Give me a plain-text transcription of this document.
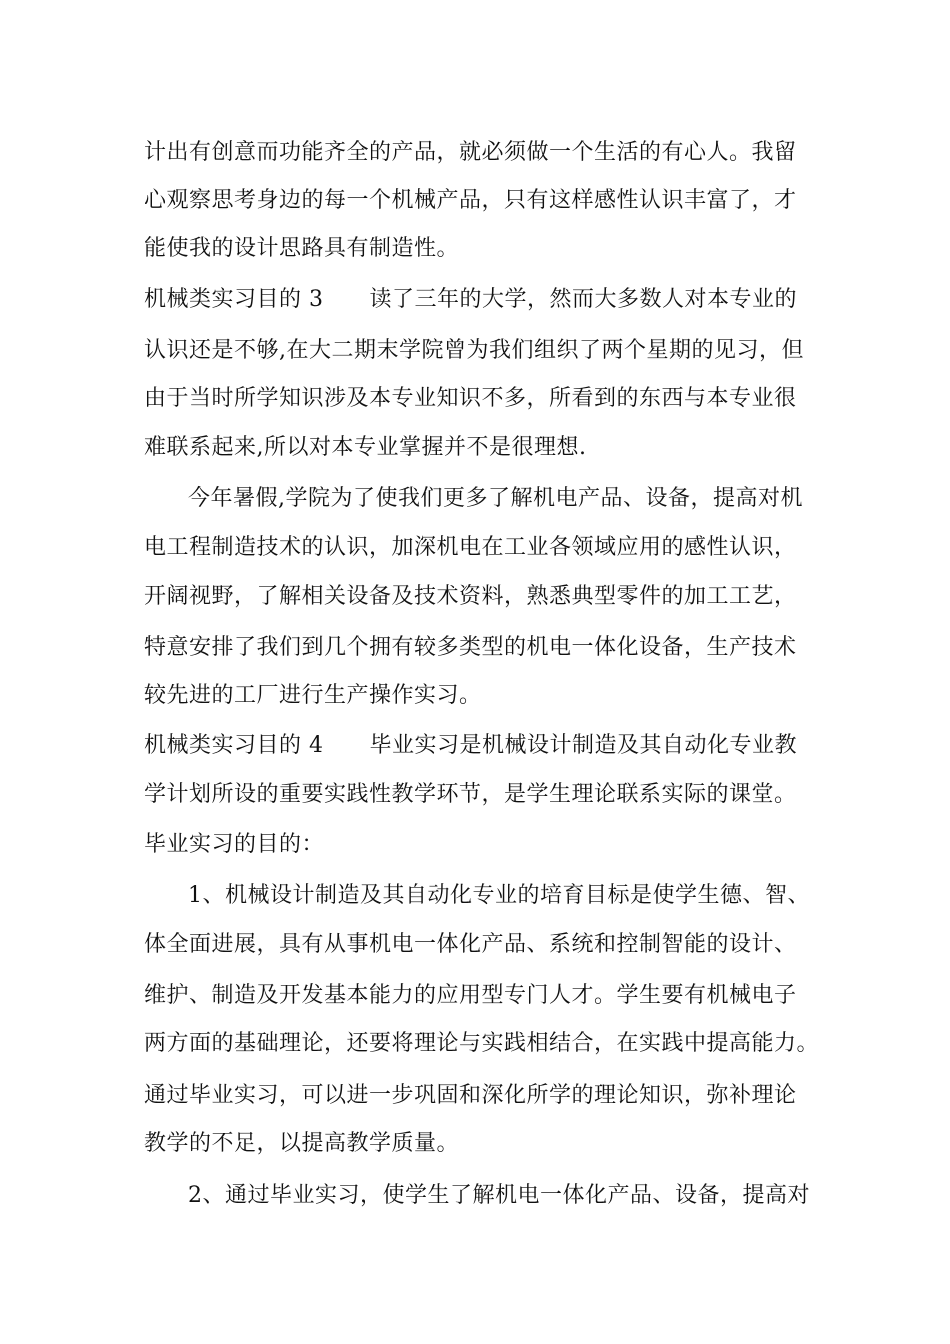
计出有创意而功能齐全的产品，就必须做一个生活的有心人。我留
心观察思考身边的每一个机械产品，只有这样感性认识丰富了，才
能使我的设计思路具有制造性。
机械类实习目的 3 读了三年的大学，然而大多数人对本专业的
认识还是不够,在大二期末学院曾为我们组织了两个星期的见习，但
由于当时所学知识涉及本专业知识不多，所看到的东西与本专业很
难联系起来,所以对本专业掌握并不是很理想.
今年暑假,学院为了使我们更多了解机电产品、设备，提高对机
电工程制造技术的认识，加深机电在工业各领域应用的感性认识，
开阔视野，了解相关设备及技术资料，熟悉典型零件的加工工艺，
特意安排了我们到几个拥有较多类型的机电一体化设备，生产技术
较先进的工厂进行生产操作实习。
机械类实习目的 4 毕业实习是机械设计制造及其自动化专业教
学计划所设的重要实践性教学环节，是学生理论联系实际的课堂。
毕业实习的目的：
1、机械设计制造及其自动化专业的培育目标是使学生德、智、
体全面进展，具有从事机电一体化产品、系统和控制智能的设计、
维护、制造及开发基本能力的应用型专门人才。学生要有机械电子
两方面的基础理论，还要将理论与实践相结合，在实践中提高能力。
通过毕业实习，可以进一步巩固和深化所学的理论知识，弥补理论
教学的不足，以提高教学质量。
2、通过毕业实习，使学生了解机电一体化产品、设备，提高对
